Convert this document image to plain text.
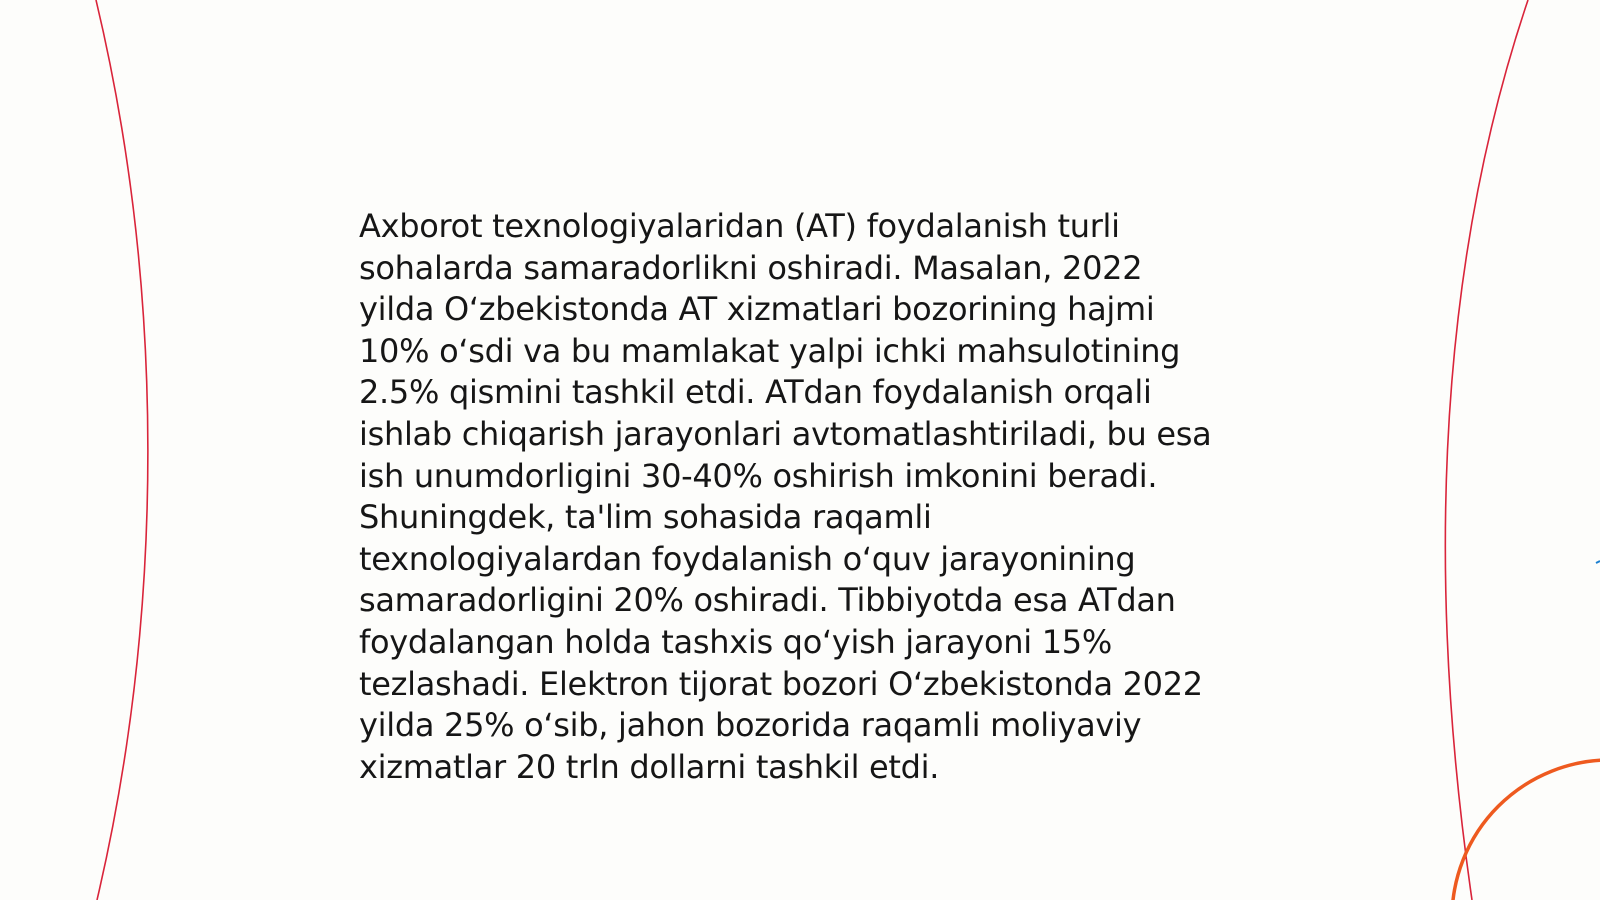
Axborot texnologiyalaridan (AT) foydalanish turli
sohalarda samaradorlikni oshiradi. Masalan, 2022
yilda O‘zbekistonda AT xizmatlari bozorining hajmi
10% o‘sdi va bu mamlakat yalpi ichki mahsulotining
2.5% qismini tashkil etdi. ATdan foydalanish orqali
ishlab chiqarish jarayonlari avtomatlashtiriladi, bu esa
ish unumdorligini 30-40% oshirish imkonini beradi.
Shuningdek, ta'lim sohasida raqamli
texnologiyalardan foydalanish o‘quv jarayonining
samaradorligini 20% oshiradi. Tibbiyotda esa ATdan
foydalangan holda tashxis qo‘yish jarayoni 15%
tezlashadi. Elektron tijorat bozori O‘zbekistonda 2022
yilda 25% o‘sib, jahon bozorida raqamli moliyaviy
xizmatlar 20 trln dollarni tashkil etdi.
